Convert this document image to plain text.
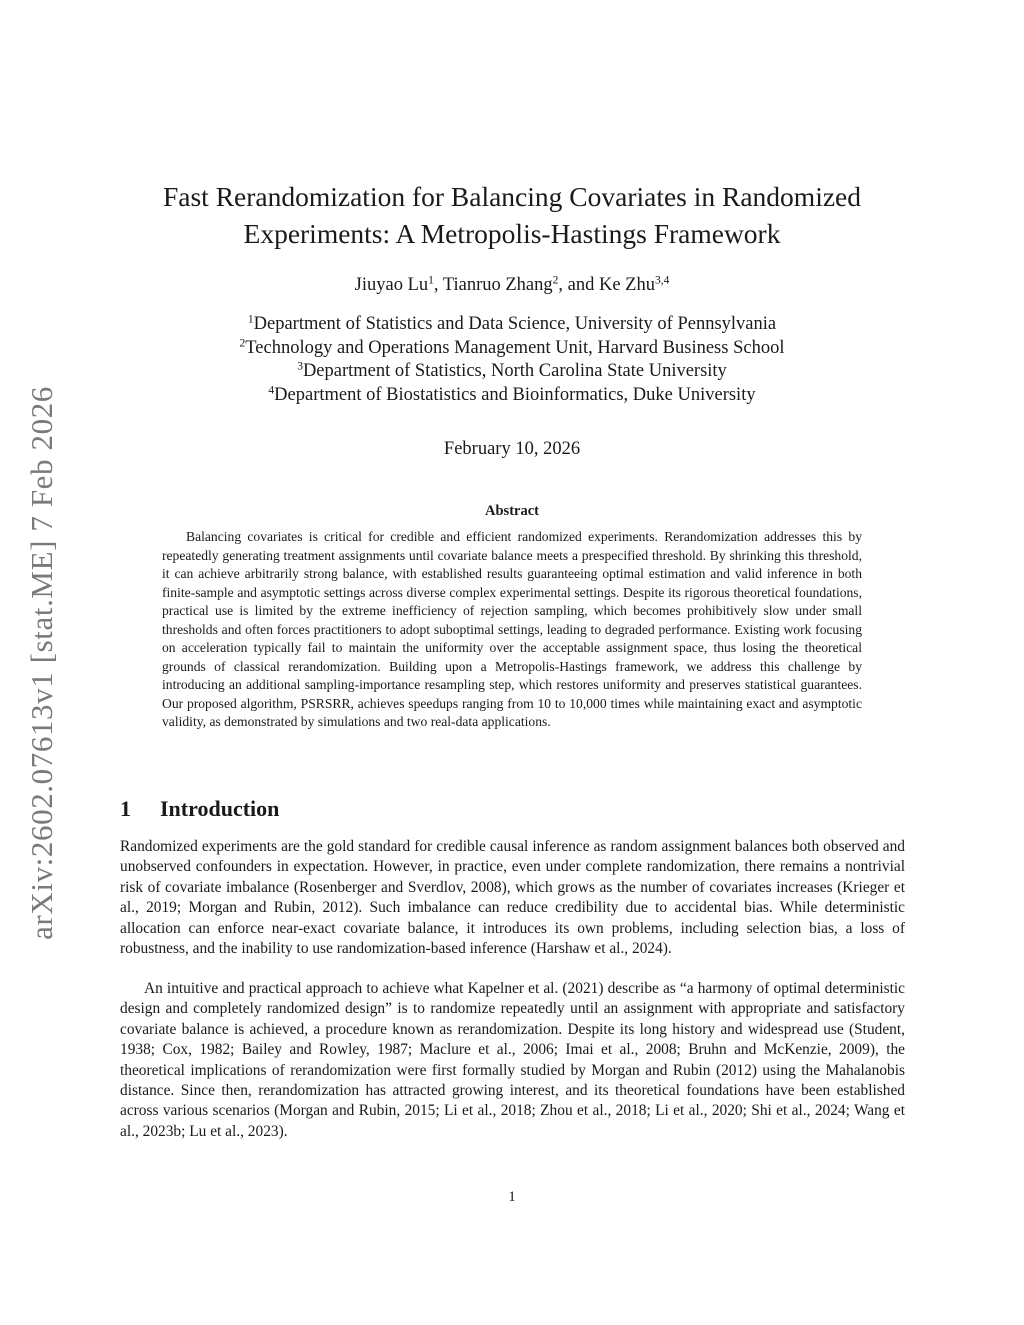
arXiv:2602.07613v1 [stat.ME] 7 Feb 2026
Fast Rerandomization for Balancing Covariates in Randomized Experiments: A Metropolis-Hastings Framework
Jiuyao Lu$^1$, Tianruo Zhang$^2$, and Ke Zhu$^{3,4}$
$^1$Department of Statistics and Data Science, University of Pennsylvania
$^2$Technology and Operations Management Unit, Harvard Business School
$^3$Department of Statistics, North Carolina State University
$^4$Department of Biostatistics and Bioinformatics, Duke University
February 10, 2026
Abstract

Balancing covariates is critical for credible and efficient randomized experiments. Rerandomization addresses this by repeatedly generating treatment assignments until covariate balance meets a prespecified threshold. By shrinking this threshold, it can achieve arbitrarily strong balance, with established results guaranteeing optimal estimation and valid inference in both finite-sample and asymptotic settings across diverse complex experimental settings. Despite its rigorous theoretical foundations, practical use is limited by the extreme inefficiency of rejection sampling, which becomes prohibitively slow under small thresholds and often forces practitioners to adopt suboptimal settings, leading to degraded performance. Existing work focusing on acceleration typically fail to maintain the uniformity over the acceptable assignment space, thus losing the theoretical grounds of classical rerandomization. Building upon a Metropolis-Hastings framework, we address this challenge by introducing an additional sampling-importance resampling step, which restores uniformity and preserves statistical guarantees. Our proposed algorithm, PSRSRR, achieves speedups ranging from 10 to 10,000 times while maintaining exact and asymptotic validity, as demonstrated by simulations and two real-data applications.

1 Introduction

Randomized experiments are the gold standard for credible causal inference as random assignment balances both observed and unobserved confounders in expectation. However, in practice, even under complete randomization, there remains a nontrivial risk of covariate imbalance (Rosenberger and Sverdlov, 2008), which grows as the number of covariates increases (Krieger et al., 2019; Morgan and Rubin, 2012). Such imbalance can reduce credibility due to accidental bias. While deterministic allocation can enforce near-exact covariate balance, it introduces its own problems, including selection bias, a loss of robustness, and the inability to use randomization-based inference (Harshaw et al., 2024).

An intuitive and practical approach to achieve what Kapelner et al. (2021) describe as “a harmony of optimal deterministic design and completely randomized design” is to randomize repeatedly until an assignment with appropriate and satisfactory covariate balance is achieved, a procedure known as rerandomization. Despite its long history and widespread use (Student, 1938; Cox, 1982; Bailey and Rowley, 1987; Maclure et al., 2006; Imai et al., 2008; Bruhn and McKenzie, 2009), the theoretical implications of rerandomization were first formally studied by Morgan and Rubin (2012) using the Mahalanobis distance. Since then, rerandomization has attracted growing interest, and its theoretical foundations have been established across various scenarios (Morgan and Rubin, 2015; Li et al., 2018; Zhou et al., 2018; Li et al., 2020; Shi et al., 2024; Wang et al., 2023b; Lu et al., 2023).

1
